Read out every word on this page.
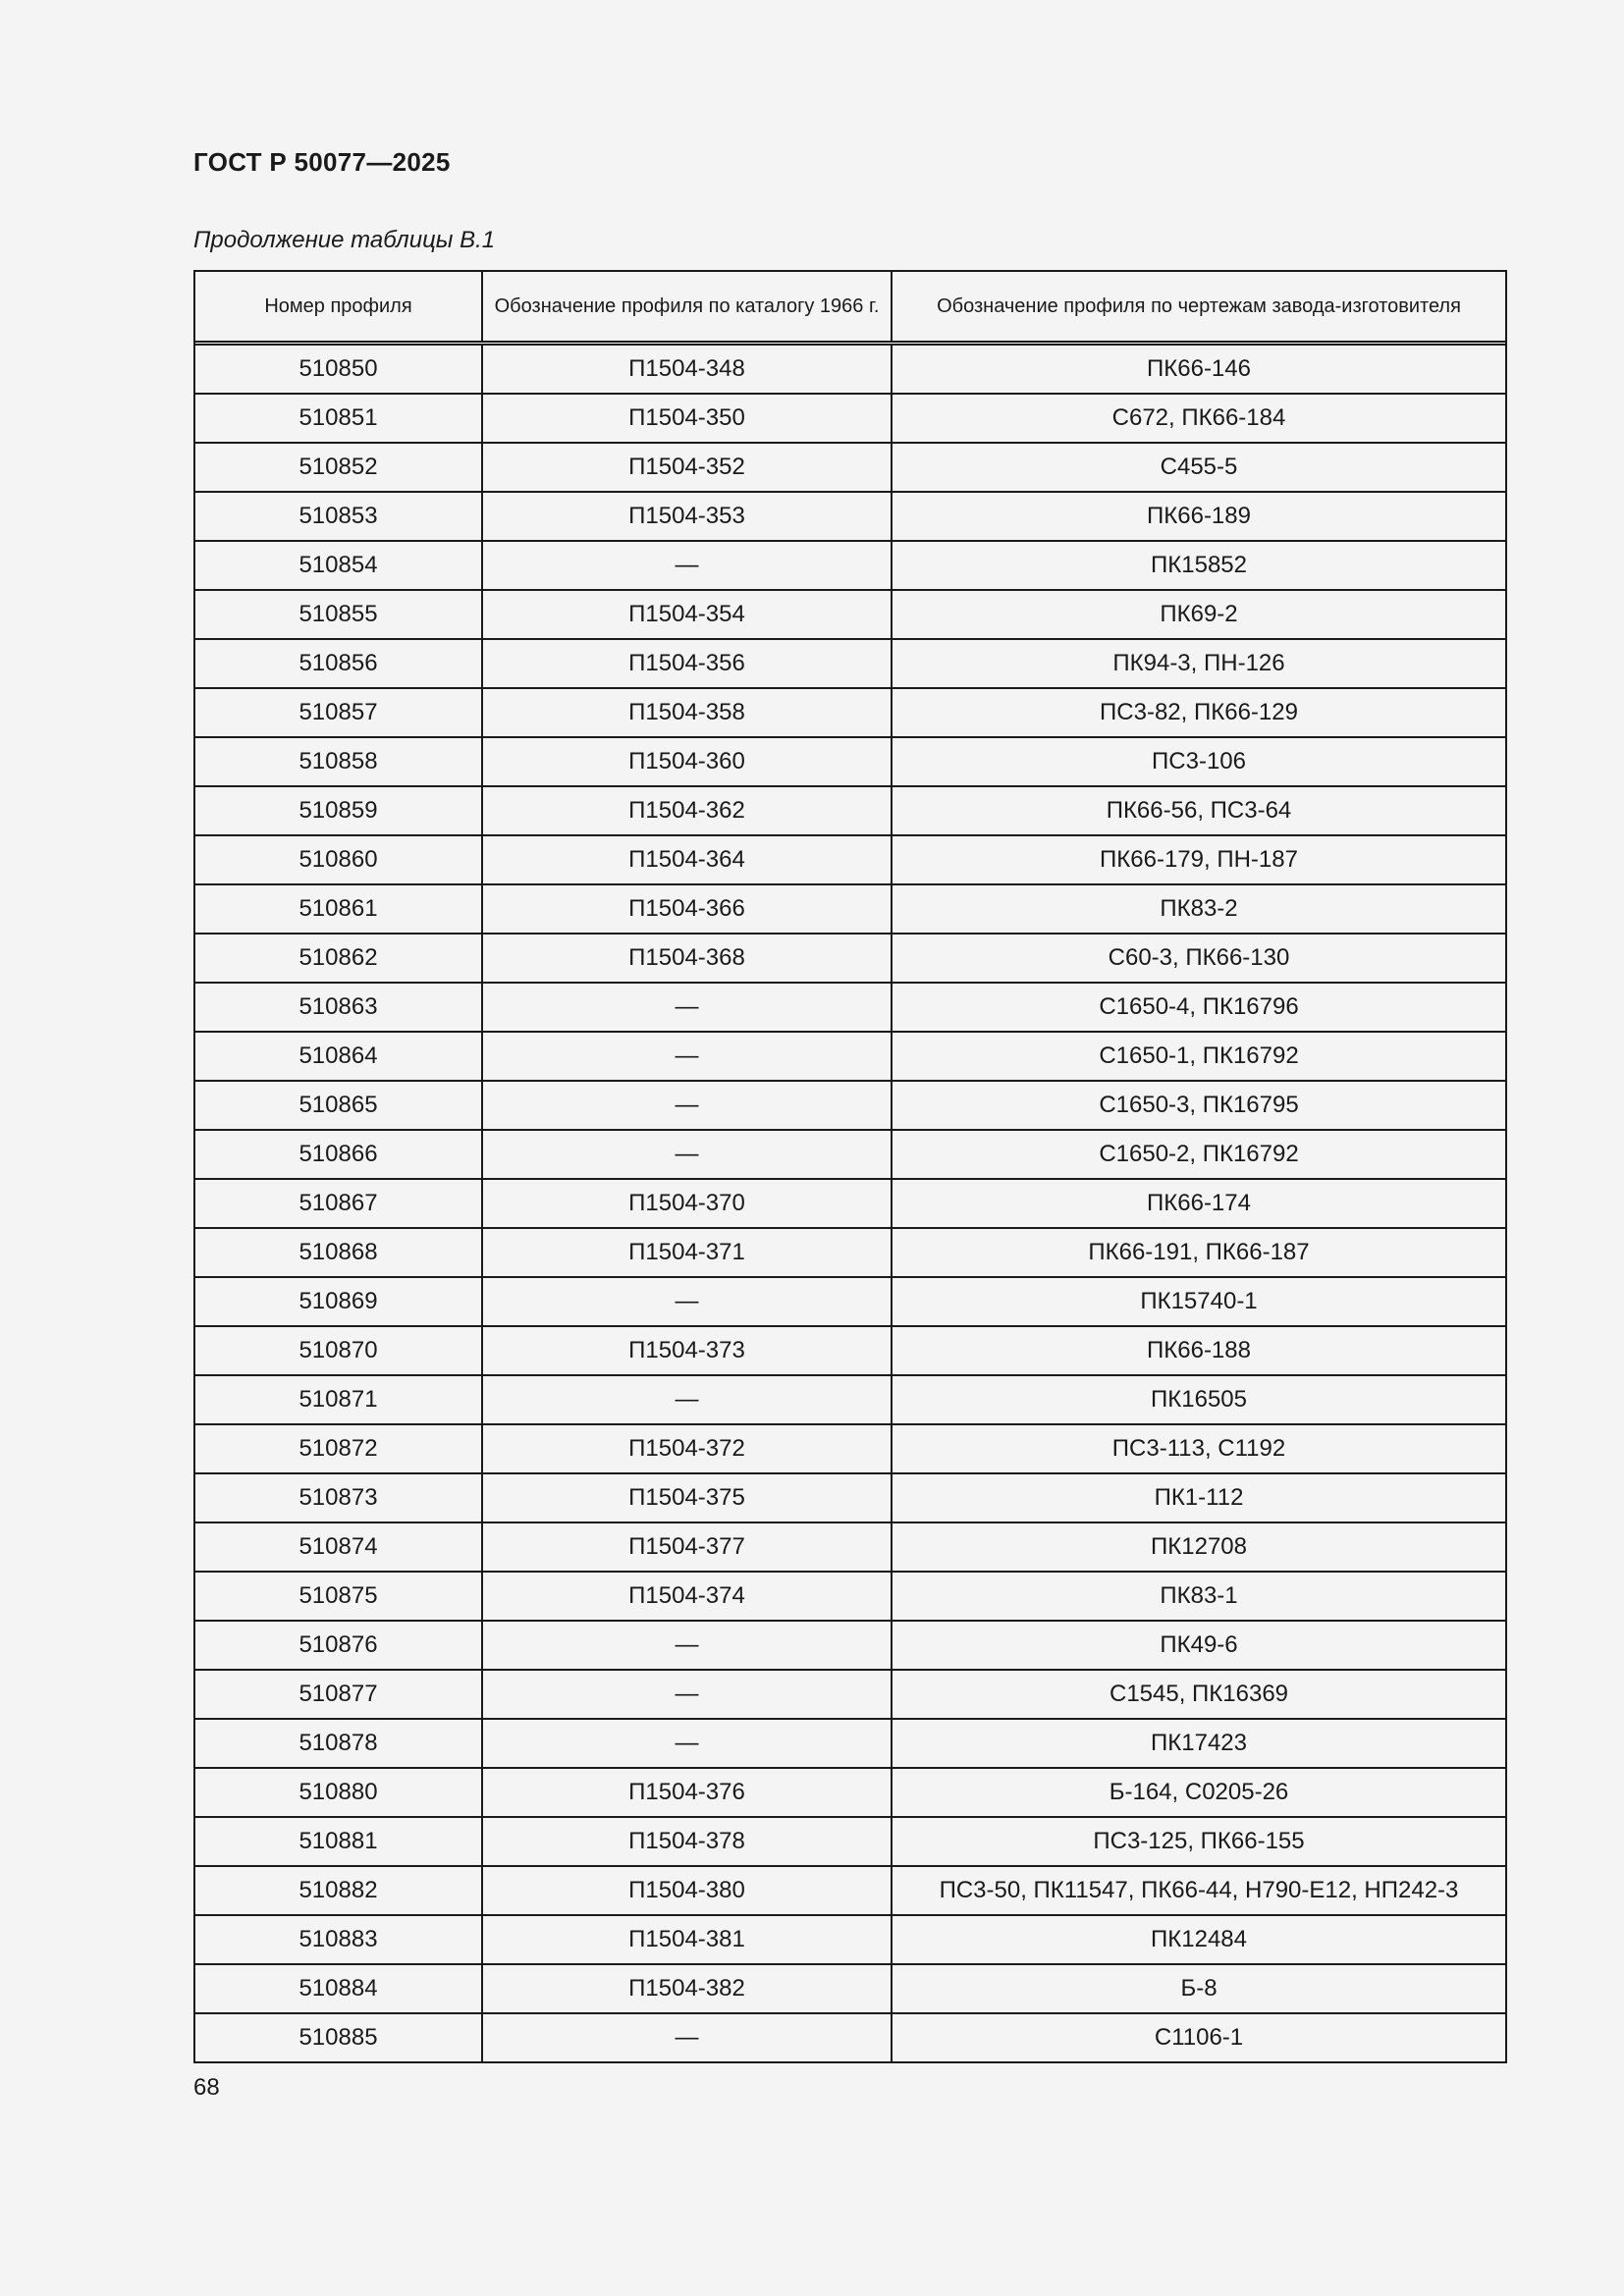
ГОСТ Р 50077—2025
Продолжение таблицы В.1
Номер профиля	Обозначение профиля по каталогу 1966 г.	Обозначение профиля по чертежам завода-изготовителя
510850	П1504-348	ПК66-146
510851	П1504-350	С672, ПК66-184
510852	П1504-352	С455-5
510853	П1504-353	ПК66-189
510854	—	ПК15852
510855	П1504-354	ПК69-2
510856	П1504-356	ПК94-3, ПН-126
510857	П1504-358	ПС3-82, ПК66-129
510858	П1504-360	ПС3-106
510859	П1504-362	ПК66-56, ПС3-64
510860	П1504-364	ПК66-179, ПН-187
510861	П1504-366	ПК83-2
510862	П1504-368	С60-3, ПК66-130
510863	—	С1650-4, ПК16796
510864	—	С1650-1, ПК16792
510865	—	С1650-3, ПК16795
510866	—	С1650-2, ПК16792
510867	П1504-370	ПК66-174
510868	П1504-371	ПК66-191, ПК66-187
510869	—	ПК15740-1
510870	П1504-373	ПК66-188
510871	—	ПК16505
510872	П1504-372	ПС3-113, С1192
510873	П1504-375	ПК1-112
510874	П1504-377	ПК12708
510875	П1504-374	ПК83-1
510876	—	ПК49-6
510877	—	С1545, ПК16369
510878	—	ПК17423
510880	П1504-376	Б-164, С0205-26
510881	П1504-378	ПС3-125, ПК66-155
510882	П1504-380	ПС3-50, ПК11547, ПК66-44, Н790-Е12, НП242-3
510883	П1504-381	ПК12484
510884	П1504-382	Б-8
510885	—	С1106-1
68
